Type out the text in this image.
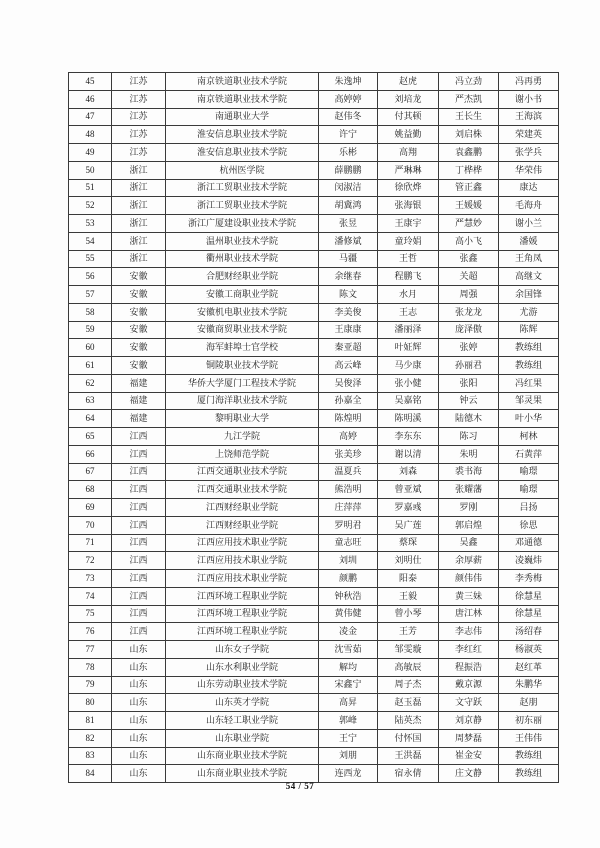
45	江苏	南京铁道职业技术学院	朱逸坤	赵虎	冯立劲	冯再勇
46	江苏	南京铁道职业技术学院	高婷婷	刘培龙	严杰凯	谢小书
47	江苏	南通职业大学	赵伟冬	付其顿	王长生	王海滨
48	江苏	淮安信息职业技术学院	许宁	姚益勤	刘启株	荣建英
49	江苏	淮安信息职业技术学院	乐彬	高翔	袁鑫鹏	张学兵
50	浙江	杭州医学院	薛鹏鹏	严琳琳	丁桦桦	华荣伟
51	浙江	浙江工贸职业技术学院	闵淑洁	徐欣烨	管正鑫	康达
52	浙江	浙江工贸职业技术学院	胡冀鸿	张海银	王媛媛	毛海舟
53	浙江	浙江广厦建设职业技术学院	张昱	王康宇	严慧妙	谢小兰
54	浙江	温州职业技术学院	潘修斌	童玲娟	高小飞	潘媛
55	浙江	衢州职业技术学院	马疆	王哲	张鑫	王角凤
56	安徽	合肥财经职业学院	余继春	程鹏飞	关超	高继文
57	安徽	安徽工商职业学院	陈文	水月	周强	余国锋
58	安徽	安徽机电职业技术学院	李美俊	王志	张龙龙	尤游
59	安徽	安徽商贸职业技术学院	王康康	潘丽泽	庞泽傲	陈辉
60	安徽	海军蚌埠士官学校	秦亚超	叶姃辉	张婷	教练组
61	安徽	铜陵职业技术学院	高云峰	马少康	孙丽君	教练组
62	福建	华侨大学厦门工程技术学院	吴俊泽	张小健	张阳	冯红果
63	福建	厦门海洋职业技术学院	孙嘉全	吴嘉铭	钟云	邹灵果
64	福建	黎明职业大学	陈煌明	陈明溪	陆德木	叶小华
65	江西	九江学院	高婷	李东东	陈习	柯林
66	江西	上饶师范学院	张美珍	谢以清	朱明	石黄萍
67	江西	江西交通职业技术学院	温夏兵	刘森	裘书海	喻璟
68	江西	江西交通职业技术学院	熊浩明	曾亚斌	张耀藩	喻璟
69	江西	江西财经职业学院	庄萍萍	罗嘉彧	罗刚	吕扬
70	江西	江西财经职业学院	罗明君	吴广莲	郭启煌	徐思
71	江西	江西应用技术职业学院	童志旺	蔡琛	吴鑫	邓通德
72	江西	江西应用技术职业学院	刘圳	刘明仕	余厚薪	凌巍炜
73	江西	江西应用技术职业学院	颜鹏	阳泰	颜伟伟	李秀梅
74	江西	江西环境工程职业学院	钟秋浩	王毅	黄三妹	徐慧星
75	江西	江西环境工程职业学院	黄伟健	曾小琴	唐江林	徐慧星
76	江西	江西环境工程职业学院	凌金	王芳	李志伟	汤绍春
77	山东	山东女子学院	沈雪茹	邹雯璇	李红红	杨淑英
78	山东	山东水利职业学院	解均	高敏辰	程振浩	赵红革
79	山东	山东劳动职业技术学院	宋鑫宁	周子杰	戴京源	朱鹏华
80	山东	山东英才学院	高昇	赵玉磊	文守跃	赵朋
81	山东	山东轻工职业学院	郭峰	陆英杰	刘京静	初东丽
82	山东	山东职业学院	王宁	付怀国	周梦磊	王伟伟
83	山东	山东商业职业技术学院	刘朋	王洪磊	崔金安	教练组
84	山东	山东商业职业技术学院	连西龙	宿永倩	庄文静	教练组
54 / 57
